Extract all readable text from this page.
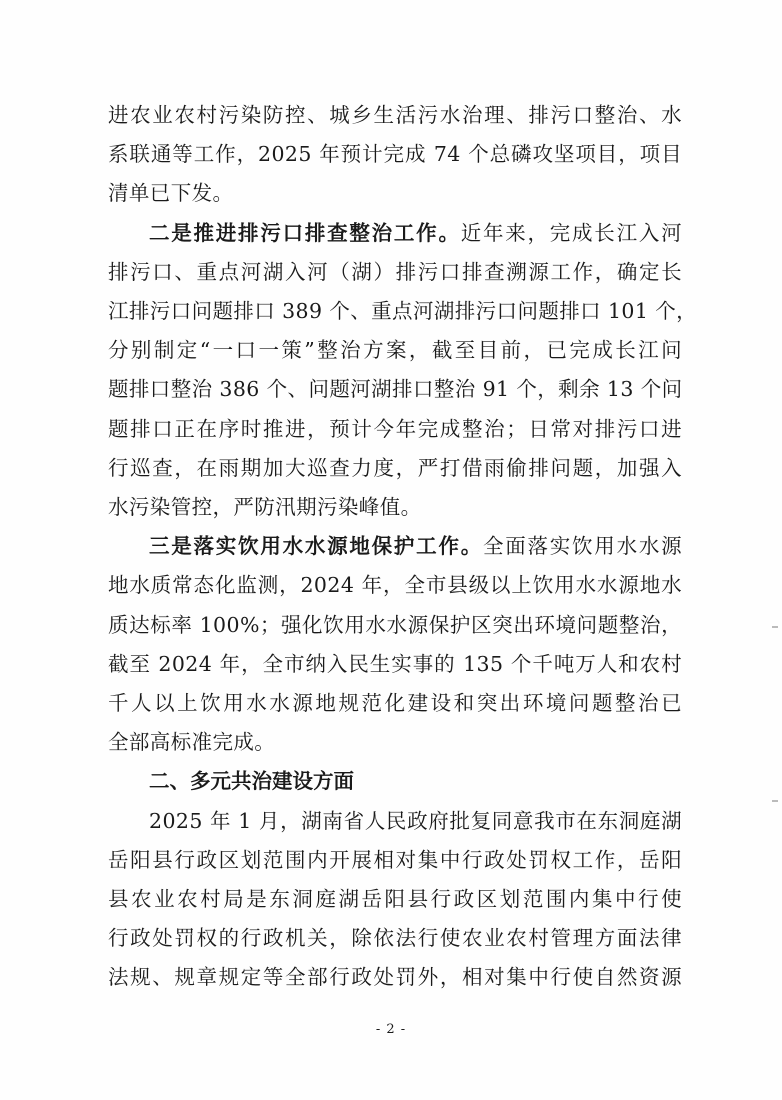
进农业农村污染防控、城乡生活污水治理、排污口整治、水
系联通等工作，2025 年预计完成 74 个总磷攻坚项目，项目
清单已下发。
二是推进排污口排查整治工作。近年来，完成长江入河
排污口、重点河湖入河（湖）排污口排查溯源工作，确定长
江排污口问题排口 389 个、重点河湖排污口问题排口 101 个，
分别制定“一口一策”整治方案，截至目前，已完成长江问
题排口整治 386 个、问题河湖排口整治 91 个，剩余 13 个问
题排口正在序时推进，预计今年完成整治；日常对排污口进
行巡查，在雨期加大巡查力度，严打借雨偷排问题，加强入
水污染管控，严防汛期污染峰值。
三是落实饮用水水源地保护工作。全面落实饮用水水源
地水质常态化监测，2024 年，全市县级以上饮用水水源地水
质达标率 100%；强化饮用水水源保护区突出环境问题整治，
截至 2024 年，全市纳入民生实事的 135 个千吨万人和农村
千人以上饮用水水源地规范化建设和突出环境问题整治已
全部高标准完成。
二、多元共治建设方面
2025 年 1 月，湖南省人民政府批复同意我市在东洞庭湖
岳阳县行政区划范围内开展相对集中行政处罚权工作，岳阳
县农业农村局是东洞庭湖岳阳县行政区划范围内集中行使
行政处罚权的行政机关，除依法行使农业农村管理方面法律
法规、规章规定等全部行政处罚外，相对集中行使自然资源
- 2 -
